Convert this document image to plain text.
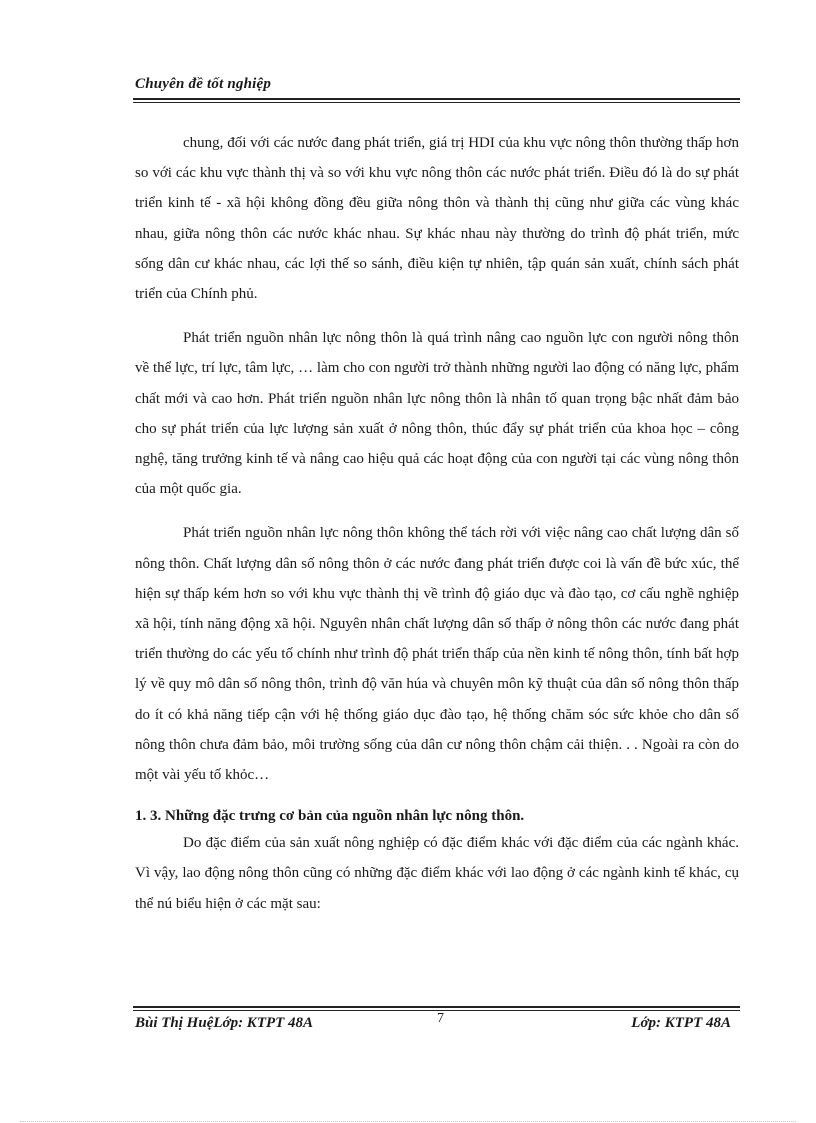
Chuyên đề tốt nghiệp

chung, đối với các nước đang phát triển, giá trị HDI của khu vực nông thôn thường thấp hơn so với các khu vực thành thị và so với khu vực nông thôn các nước phát triển. Điều đó là do sự phát triển kinh tế - xã hội không đồng đều giữa nông thôn và thành thị cũng như giữa các vùng khác nhau, giữa nông thôn các nước khác nhau. Sự khác nhau này thường do trình độ phát triển, mức sống dân cư khác nhau, các lợi thế so sánh, điều kiện tự nhiên, tập quán sản xuất, chính sách phát triển của Chính phủ.

Phát triển nguồn nhân lực nông thôn là quá trình nâng cao nguồn lực con người nông thôn về thể lực, trí lực, tâm lực, … làm cho con người trở thành những người lao động có năng lực, phẩm chất mới và cao hơn. Phát triển nguồn nhân lực nông thôn là nhân tố quan trọng bậc nhất đảm bảo cho sự phát triển của lực lượng sản xuất ở nông thôn, thúc đẩy sự phát triển của khoa học – công nghệ, tăng trưởng kinh tế và nâng cao hiệu quả các hoạt động của con người tại các vùng nông thôn của một quốc gia.

Phát triển nguồn nhân lực nông thôn không thể tách rời với việc nâng cao chất lượng dân số nông thôn. Chất lượng dân số nông thôn ở các nước đang phát triển được coi là vấn đề bức xúc, thể hiện sự thấp kém hơn so với khu vực thành thị về trình độ giáo dục và đào tạo, cơ cấu nghề nghiệp xã hội, tính năng động xã hội. Nguyên nhân chất lượng dân số thấp ở nông thôn các nước đang phát triển thường do các yếu tố chính như trình độ phát triển thấp của nền kinh tế nông thôn, tính bất hợp lý về quy mô dân số nông thôn, trình độ văn húa và chuyên môn kỹ thuật của dân số nông thôn thấp do ít có khả năng tiếp cận với hệ thống giáo dục đào tạo, hệ thống chăm sóc sức khỏe cho dân số nông thôn chưa đảm bảo, môi trường sống của dân cư nông thôn chậm cải thiện. . . Ngoài ra còn do một vài yếu tố khỏc…

1. 3. Những đặc trưng cơ bản của nguồn nhân lực nông thôn.

Do đặc điểm của sản xuất nông nghiệp có đặc điểm khác với đặc điểm của các ngành khác. Vì vậy, lao động nông thôn cũng có những đặc điểm khác với lao động ở các ngành kinh tế khác, cụ thể nú biểu hiện ở các mặt sau:

Bùi Thị HuệLớp: KTPT 48A	7	Lớp: KTPT 48A
